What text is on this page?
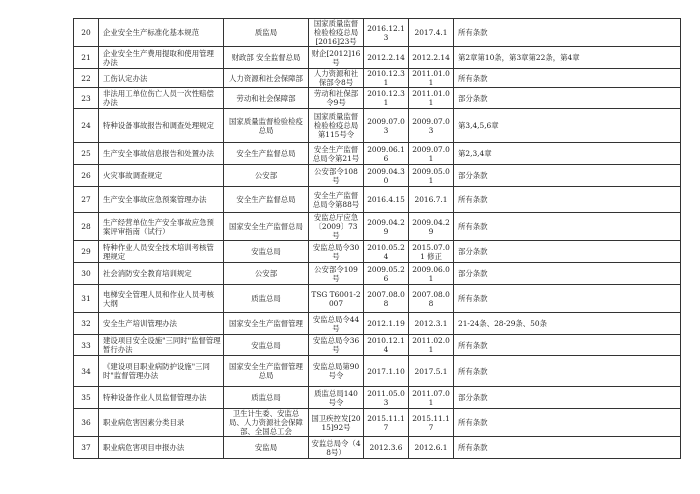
20	企业安全生产标准化基本规范	质监局	国家质量监督检验检疫总局[2016]23号	2016.12.13	2017.4.1	所有条款
21	企业安全生产费用提取和使用管理办法	财政部 安全监督总局	财企[2012]16号	2012.2.14	2012.2.14	第2章第10条，第3章第22条，第4章
22	工伤认定办法	人力资源和社会保障部	人力资源和社保部令8号	2010.12.31	2011.01.01	所有条款
23	非法用工单位伤亡人员一次性赔偿办法	劳动和社会保障部	劳动和社保部令9号	2010.12.31	2011.01.01	部分条款
24	特种设备事故报告和调查处理规定	国家质量监督检验检疫总局	国家质量监督检验检疫总局第115号令	2009.07.03	2009.07.03	第3,4,5,6章
25	生产安全事故信息报告和处置办法	安全生产监督总局	安全生产监督总局令第21号	2009.06.16	2009.07.01	第2,3,4章
26	火灾事故调查规定	公安部	公安部令108号	2009.04.30	2009.05.01	部分条款
27	生产安全事故应急预案管理办法	安全生产监督总局	安全生产监督总局令第88号	2016.4.15	2016.7.1	所有条款
28	生产经营单位生产安全事故应急预案评审指南（试行）	国家安全生产监督总局	安监总厅应急〔2009〕73号	2009.04.29	2009.04.29	所有条款
29	特种作业人员安全技术培训考核管理规定	安监总局	安监总局令30号	2010.05.24	2015.07.01 修正	部分条款
30	社会消防安全教育培训规定	公安部	公安部令109号	2009.05.26	2009.06.01	部分条款
31	电梯安全管理人员和作业人员考核大纲	质监总局	TSG T6001-2007	2007.08.08	2007.08.08	所有条款
32	安全生产培训管理办法	国家安全生产监督管理	安监总局令44号	2012.1.19	2012.3.1	21-24条、28-29条、50条
33	建设项目安全设施"三同时"监督管理暂行办法	安监总局	安监总局令36号	2010.12.14	2011.02.01	所有条款
34	《建设项目职业病防护设施"三同时"监督管理办法	国家安全生产监督管理总局	安监总局第90号令	2017.1.10	2017.5.1	所有条款
35	特种设备作业人员监督管理办法	质监总局	质监总局140号令	2011.05.03	2011.07.01	部分条款
36	职业病危害因素分类目录	卫生计生委、安监总局、人力资源社会保障部、全国总工会	国卫疾控发[2015]92号	2015.11.17	2015.11.17	所有条款
37	职业病危害项目申报办法	安监局	安监总局令（48号）	2012.3.6	2012.6.1	所有条款
